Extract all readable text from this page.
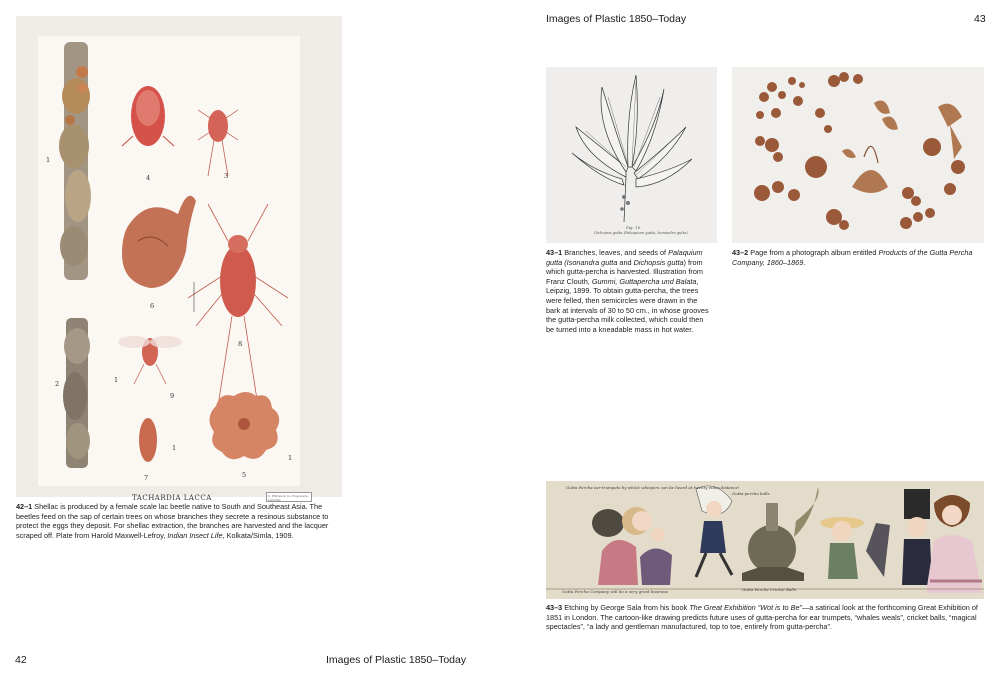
1
2
3
4
5
6
7
8
9
1
1
1
TACHARDIA LACCA	S. Phillips & Co. Engravers, Calcutta
42–1 Shellac is produced by a female scale lac beetle native to South and Southeast Asia. The beetles feed on the sap of certain trees on whose branches they secrete a resinous substance to protect the eggs they deposit. For shellac extraction, the branches are harvested and the lacquer scraped off. Plate from Harold Maxwell-Lefroy, Indian Insect Life, Kolkata/Simla, 1909.
42	Images of Plastic 1850–Today
Images of Plastic 1850–Today	43
Fig. 10.
Dichopsis gutta (Palaquium gutta, Isonandra gutta).
43–1 Branches, leaves, and seeds of Palaquium gutta (Isonandra gutta and Dichopsis gutta) from which gutta-percha is harvested. Illustration from Franz Clouth, Gummi, Guttapercha und Balata, Leipzig, 1899. To obtain gutta-percha, the trees were felled, then semicircles were drawn in the bark at intervals of 30 to 50 cm., in whose grooves the gutta-percha milk collected, which could then be turned into a kneadable mass in hot water.
43–2 Page from a photograph album entitled Products of the Gutta Percha Company, 1860–1869.
Gutta Percha ear-trumpets by which whispers can be heard at twenty miles distance!
Gutta-percha balls
Gutta Percha Company will do a very great business	Gutta Percha Cricket Balls
43–3 Etching by George Sala from his book The Great Exhibition “Wot is to Be”—a satirical look at the forthcoming Great Exhibition of 1851 in London. The cartoon-like drawing predicts future uses of gutta-percha for ear trumpets, “whales weals”, cricket balls, “magical spectacles”, “a lady and gentleman manufactured, top to toe, entirely from gutta-percha”.
